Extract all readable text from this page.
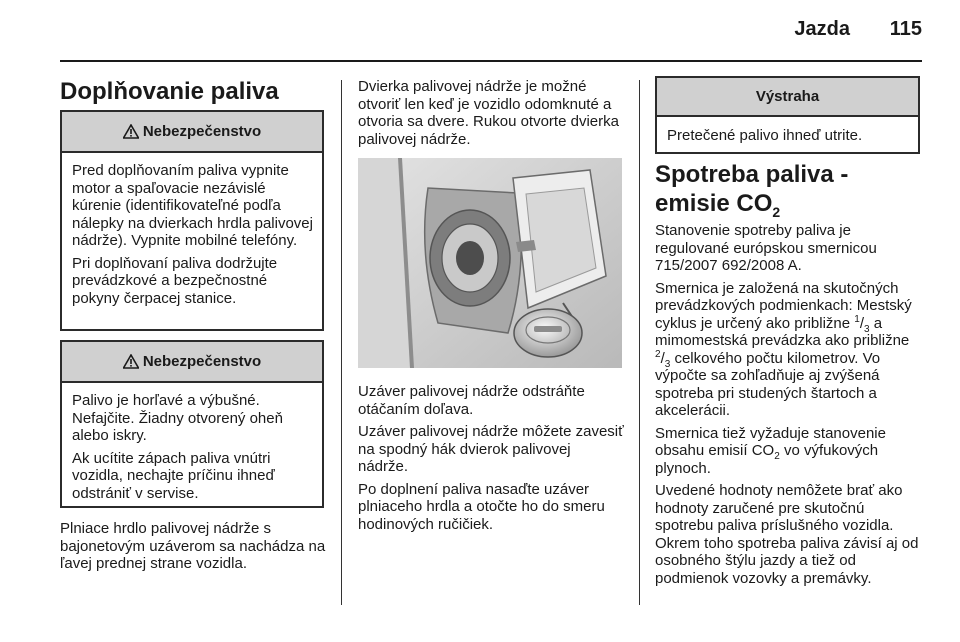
Jazda	115
Doplňovanie paliva
Nebezpečenstvo

Pred doplňovaním paliva vypnite motor a spaľovacie nezávislé kúrenie (identifikovateľné podľa nálepky na dvierkach hrdla palivovej nádrže). Vypnite mobilné telefóny.

Pri doplňovaní paliva dodržujte prevádzkové a bezpečnostné pokyny čerpacej stanice.

Nebezpečenstvo

Palivo je horľavé a výbušné. Nefajčite. Žiadny otvorený oheň alebo iskry.

Ak ucítite zápach paliva vnútri vozidla, nechajte príčinu ihneď odstrániť v servise.

Plniace hrdlo palivovej nádrže s bajonetovým uzáverom sa nachádza na ľavej prednej strane vozidla.

Dvierka palivovej nádrže je možné otvoriť len keď je vozidlo odomknuté a otvoria sa dvere. Rukou otvorte dvierka palivovej nádrže.

Uzáver palivovej nádrže odstráňte otáčaním doľava.

Uzáver palivovej nádrže môžete zavesiť na spodný hák dvierok palivovej nádrže.

Po doplnení paliva nasaďte uzáver plniaceho hrdla a otočte ho do smeru hodinových ručičiek.

Výstraha

Pretečené palivo ihneď utrite.

Spotreba paliva - emisie $CO_2$

Stanovenie spotreby paliva je regulované európskou smernicou 715/2007 692/2008 A.

Smernica je založená na skutočných prevádzkových podmienkach: Mestský cyklus je určený ako približne $^1/_3$ a mimomestská prevádzka ako približne $^2/_3$ celkového počtu kilometrov. Vo výpočte sa zohľadňuje aj zvýšená spotreba pri studených štartoch a akcelerácii.

Smernica tiež vyžaduje stanovenie obsahu emisií $CO_2$ vo výfukových plynoch.

Uvedené hodnoty nemôžete brať ako hodnoty zaručené pre skutočnú spotrebu paliva príslušného vozidla. Okrem toho spotreba paliva závisí aj od osobného štýlu jazdy a tiež od podmienok vozovky a premávky.
